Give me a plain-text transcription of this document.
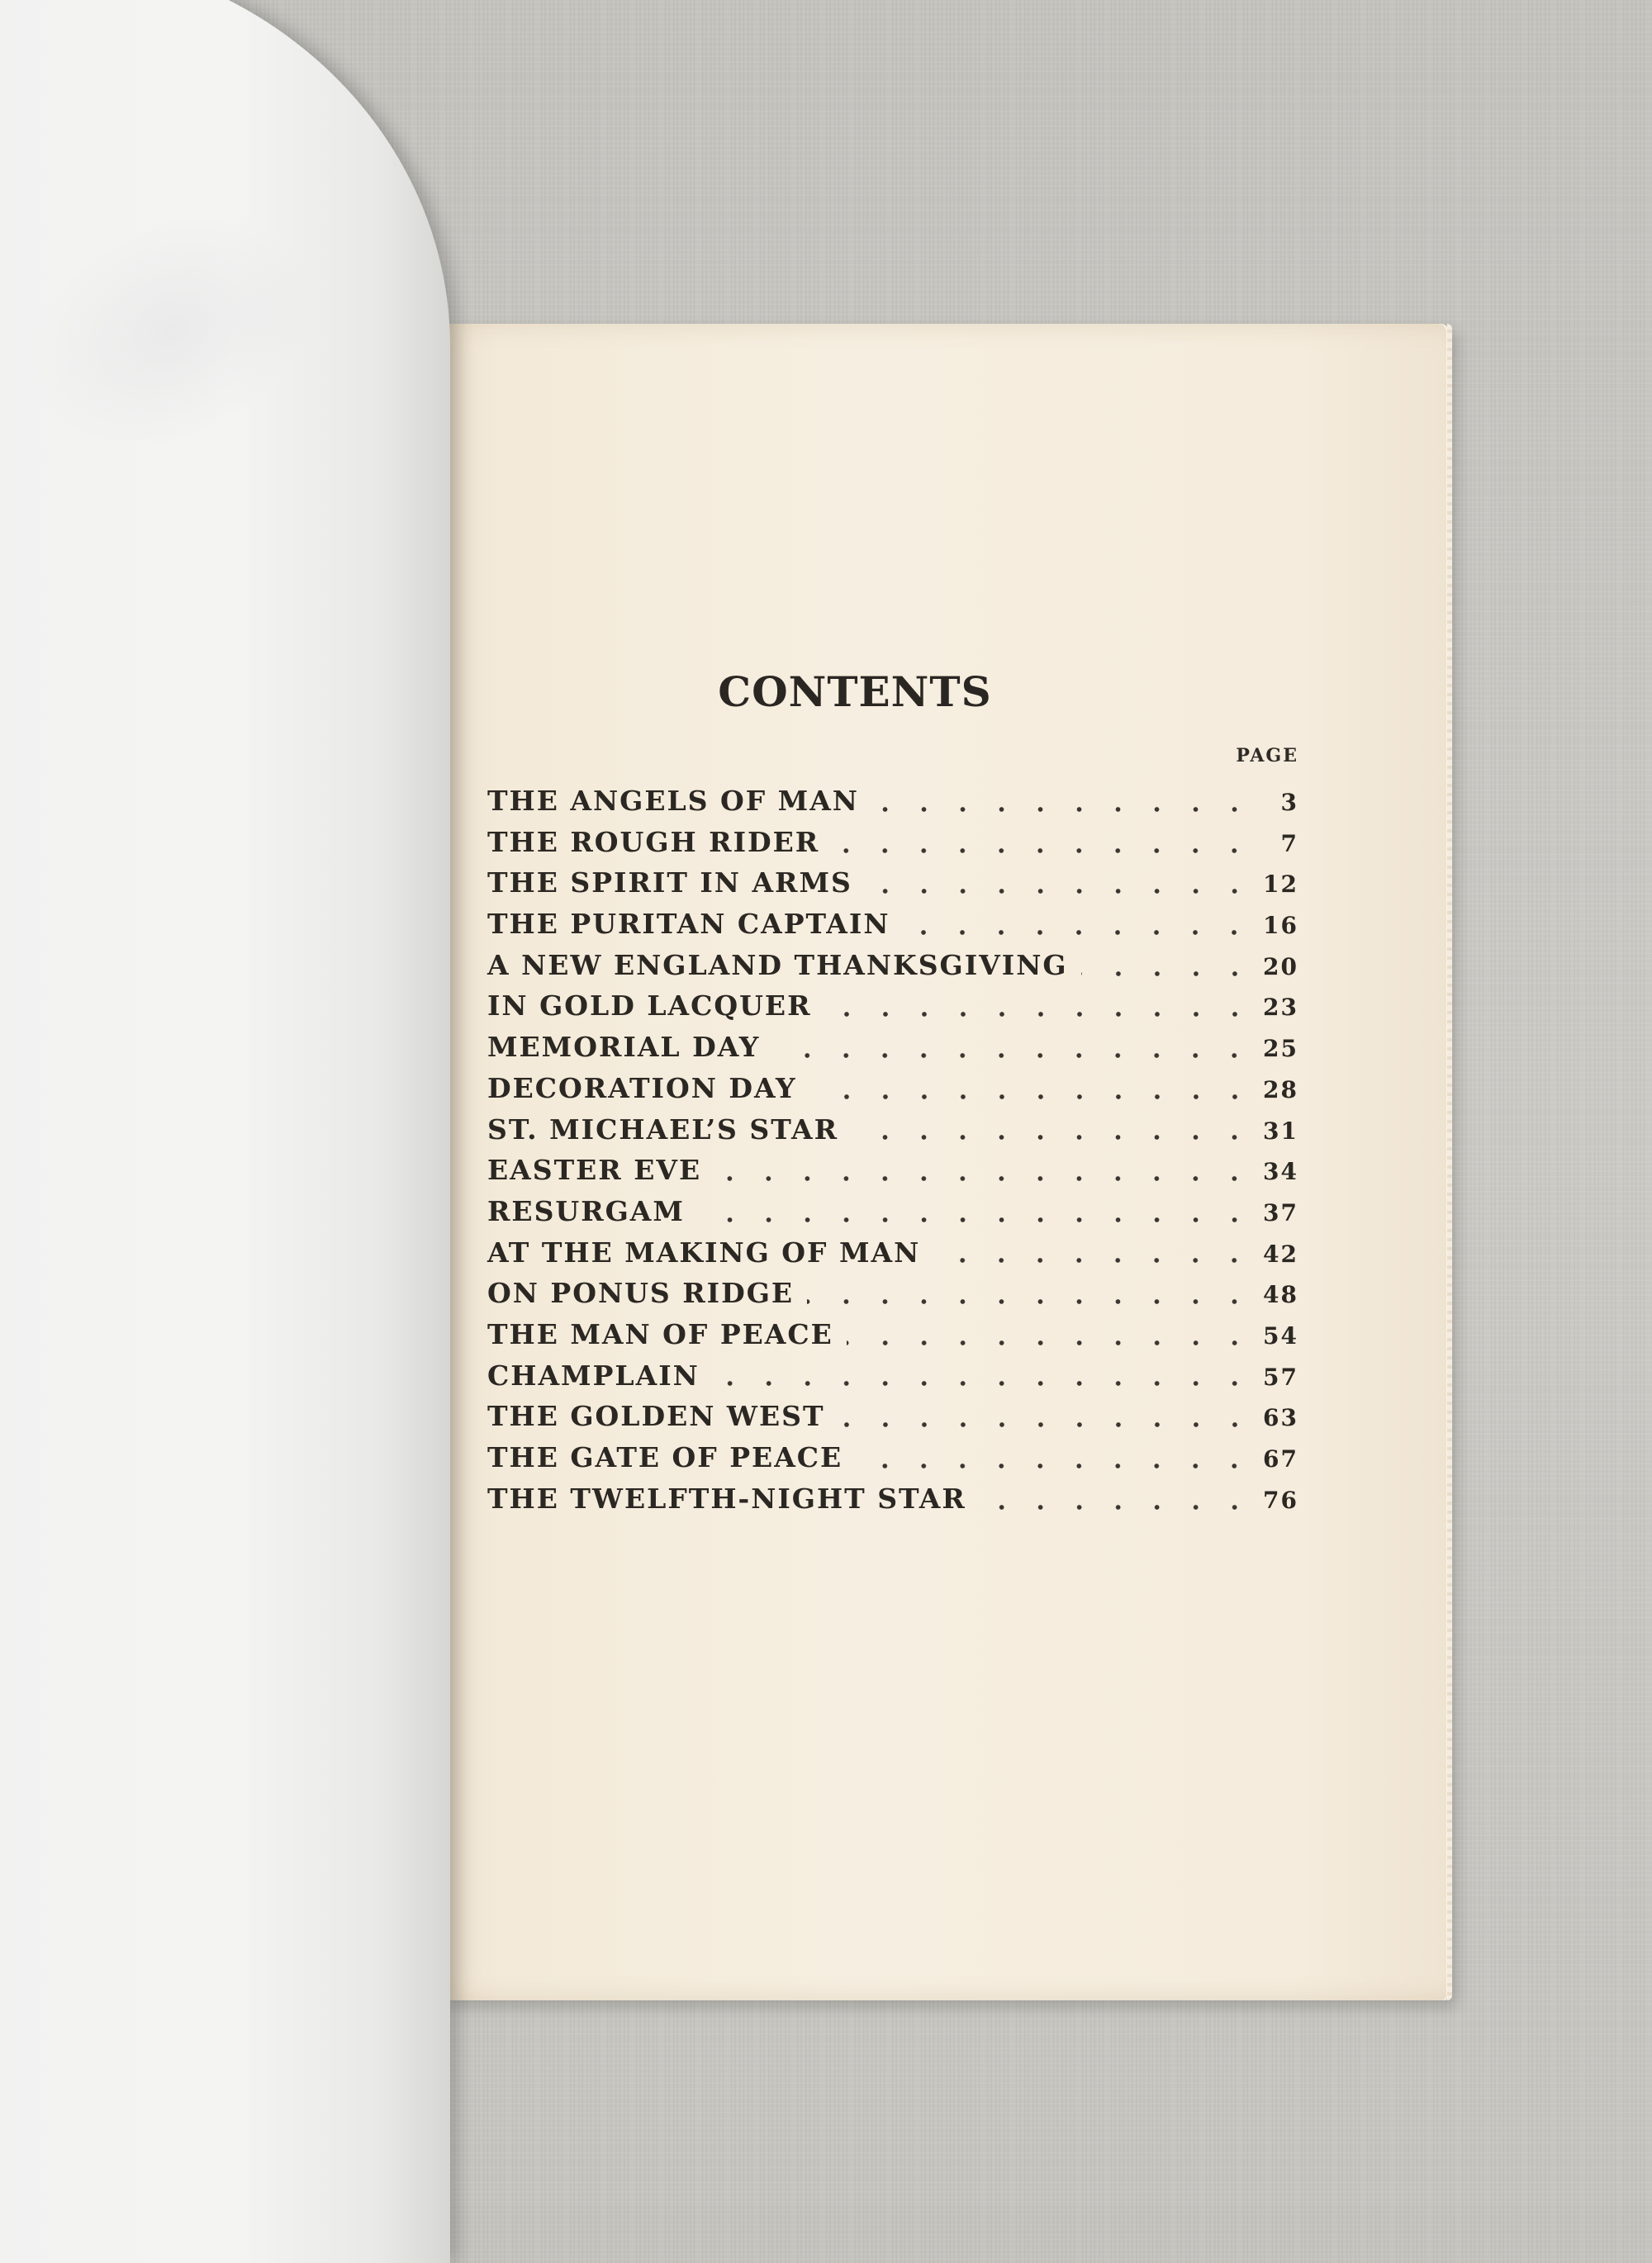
CONTENTS
PAGE
THE ANGELS OF MAN	3
THE ROUGH RIDER	7
THE SPIRIT IN ARMS	12
THE PURITAN CAPTAIN	16
A NEW ENGLAND THANKSGIVING	20
IN GOLD LACQUER	23
MEMORIAL DAY	25
DECORATION DAY	28
ST. MICHAEL’S STAR	31
EASTER EVE	34
RESURGAM	37
AT THE MAKING OF MAN	42
ON PONUS RIDGE	48
THE MAN OF PEACE	54
CHAMPLAIN	57
THE GOLDEN WEST	63
THE GATE OF PEACE	67
THE TWELFTH-NIGHT STAR	76
